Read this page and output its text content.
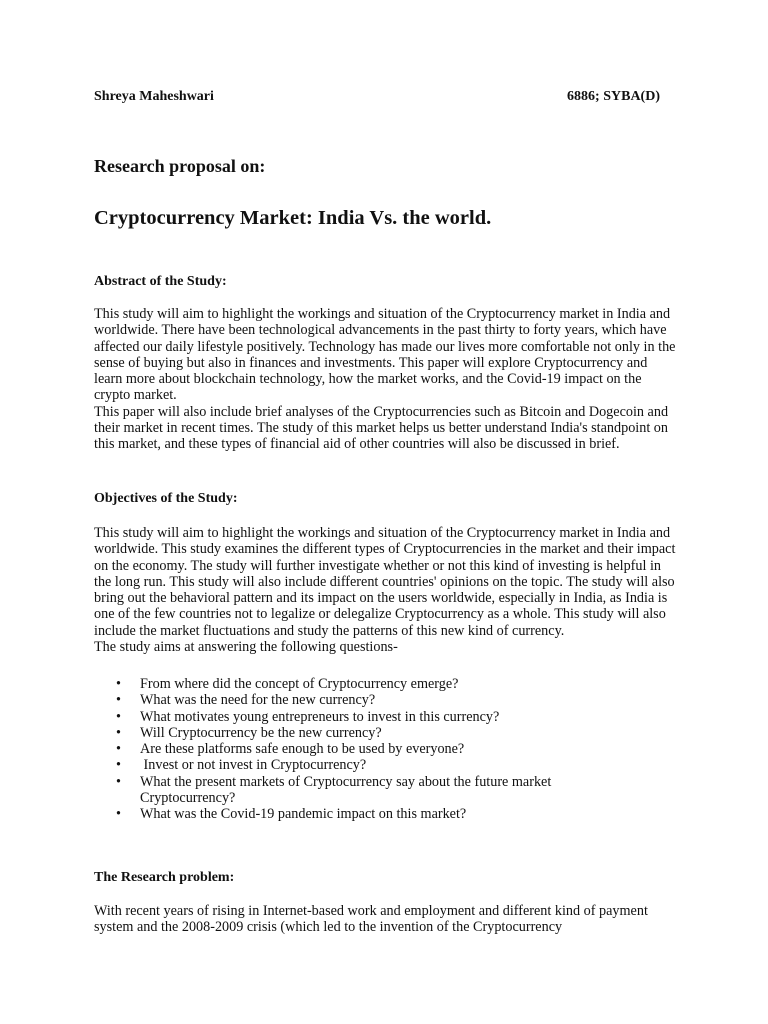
Shreya Maheshwari	6886; SYBA(D)
Research proposal on:
Cryptocurrency Market: India Vs. the world.
Abstract of the Study:

This study will aim to highlight the workings and situation of the Cryptocurrency market in India and worldwide. There have been technological advancements in the past thirty to forty years, which have affected our daily lifestyle positively. Technology has made our lives more comfortable not only in the sense of buying but also in finances and investments. This paper will explore Cryptocurrency and learn more about blockchain technology, how the market works, and the Covid-19 impact on the crypto market.

This paper will also include brief analyses of the Cryptocurrencies such as Bitcoin and Dogecoin and their market in recent times. The study of this market helps us better understand India's standpoint on this market, and these types of financial aid of other countries will also be discussed in brief.

Objectives of the Study:

This study will aim to highlight the workings and situation of the Cryptocurrency market in India and worldwide. This study examines the different types of Cryptocurrencies in the market and their impact on the economy. The study will further investigate whether or not this kind of investing is helpful in the long run. This study will also include different countries' opinions on the topic. The study will also bring out the behavioral pattern and its impact on the users worldwide, especially in India, as India is one of the few countries not to legalize or delegalize Cryptocurrency as a whole. This study will also include the market fluctuations and study the patterns of this new kind of currency.

The study aims at answering the following questions-

• From where did the concept of Cryptocurrency emerge?
• What was the need for the new currency?
• What motivates young entrepreneurs to invest in this currency?
• Will Cryptocurrency be the new currency?
• Are these platforms safe enough to be used by everyone?
• Invest or not invest in Cryptocurrency?
• What the present markets of Cryptocurrency say about the future market Cryptocurrency?
• What was the Covid-19 pandemic impact on this market?
The Research problem:

With recent years of rising in Internet-based work and employment and different kind of payment system and the 2008-2009 crisis (which led to the invention of the Cryptocurrency
